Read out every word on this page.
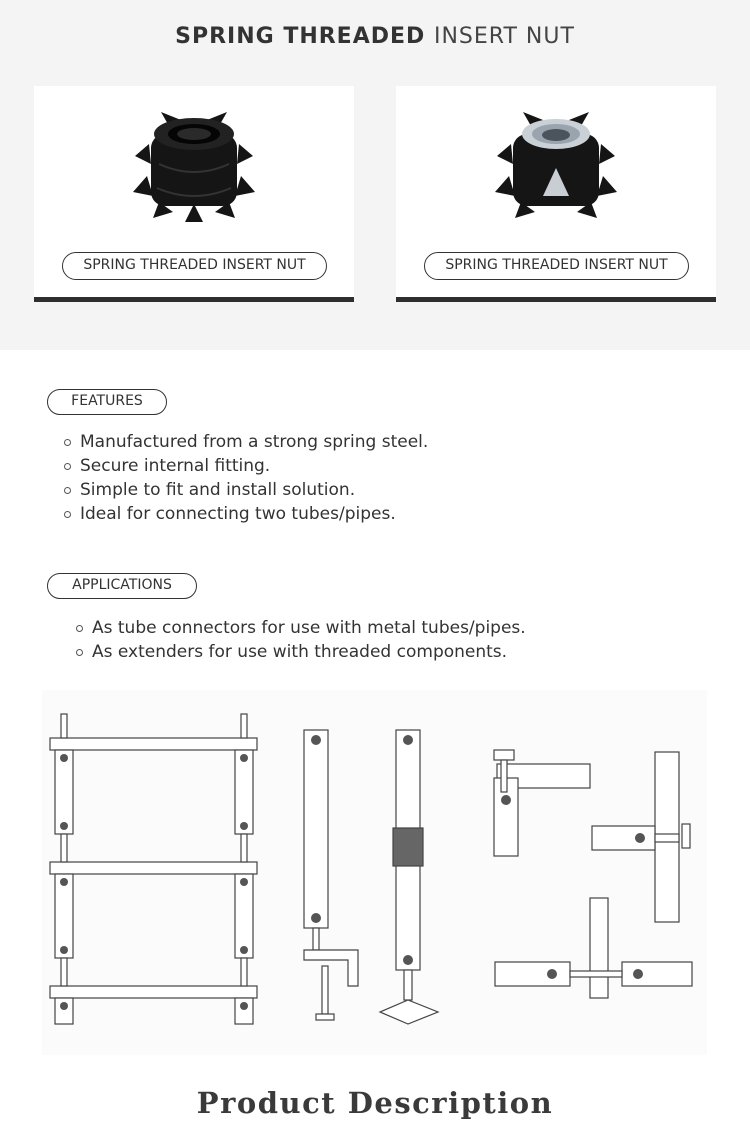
SPRING THREADED INSERT NUT
SPRING THREADED INSERT NUT	SPRING THREADED INSERT NUT
FEATURES
Manufactured from a strong spring steel.
Secure internal fitting.
Simple to fit and install solution.
Ideal for connecting two tubes/pipes.
APPLICATIONS
As tube connectors for use with metal tubes/pipes.
As extenders for use with threaded components.
Product Description
